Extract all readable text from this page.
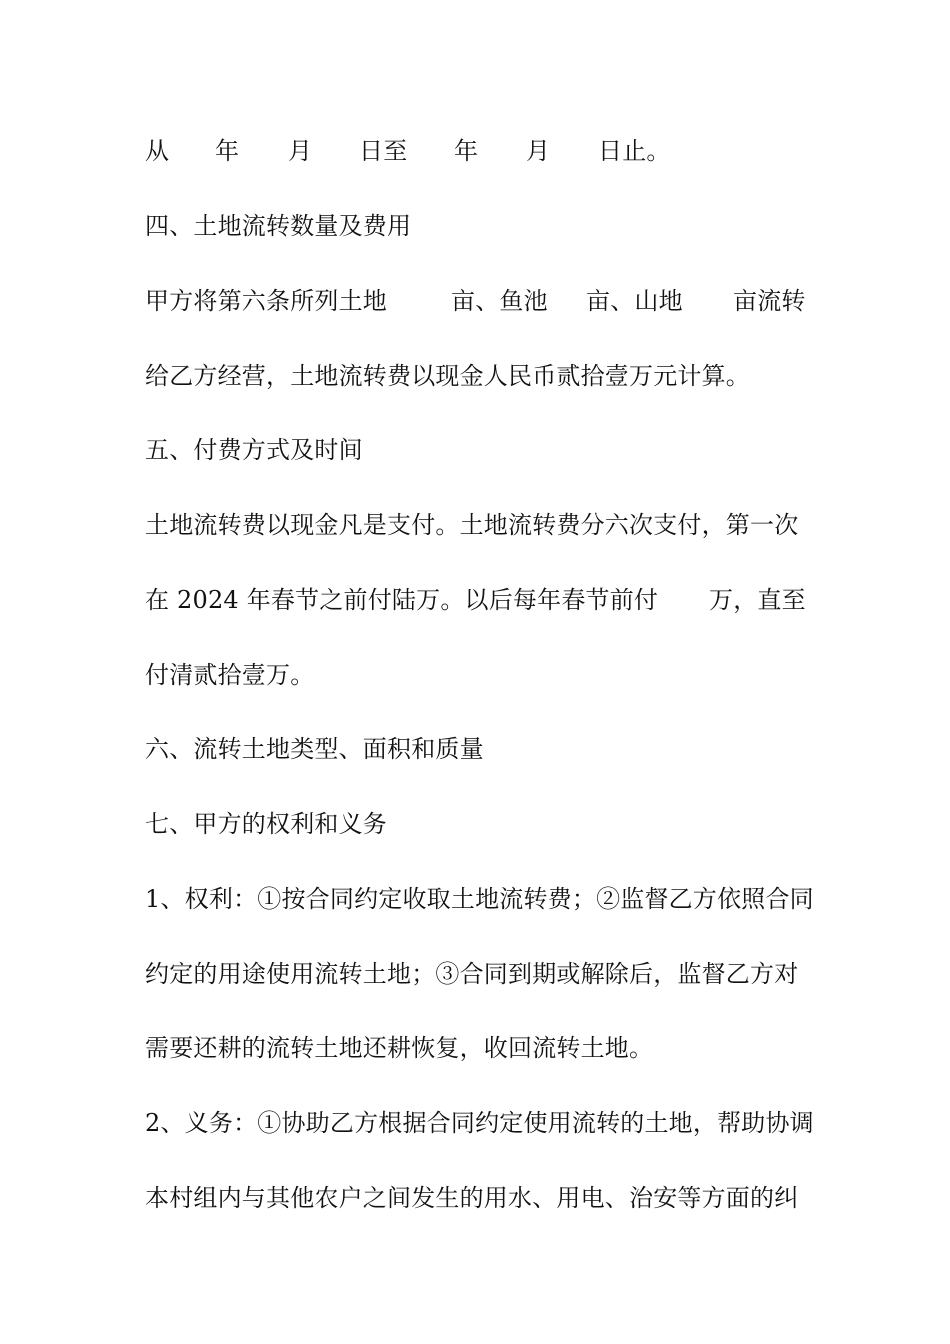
从 年 月 日至 年 月 日止。
四、土地流转数量及费用
甲方将第六条所列土地	亩、鱼池 亩、山地 亩流转
给乙方经营，土地流转费以现金人民币贰拾壹万元计算。
五、付费方式及时间
土地流转费以现金凡是支付。土地流转费分六次支付，第一次
在 2024 年春节之前付陆万。以后每年春节前付 万，直至
付清贰拾壹万。
六、流转土地类型、面积和质量
七、甲方的权利和义务
1、权利：①按合同约定收取土地流转费；②监督乙方依照合同
约定的用途使用流转土地；③合同到期或解除后，监督乙方对
需要还耕的流转土地还耕恢复，收回流转土地。
2、义务：①协助乙方根据合同约定使用流转的土地，帮助协调
本村组内与其他农户之间发生的用水、用电、治安等方面的纠
